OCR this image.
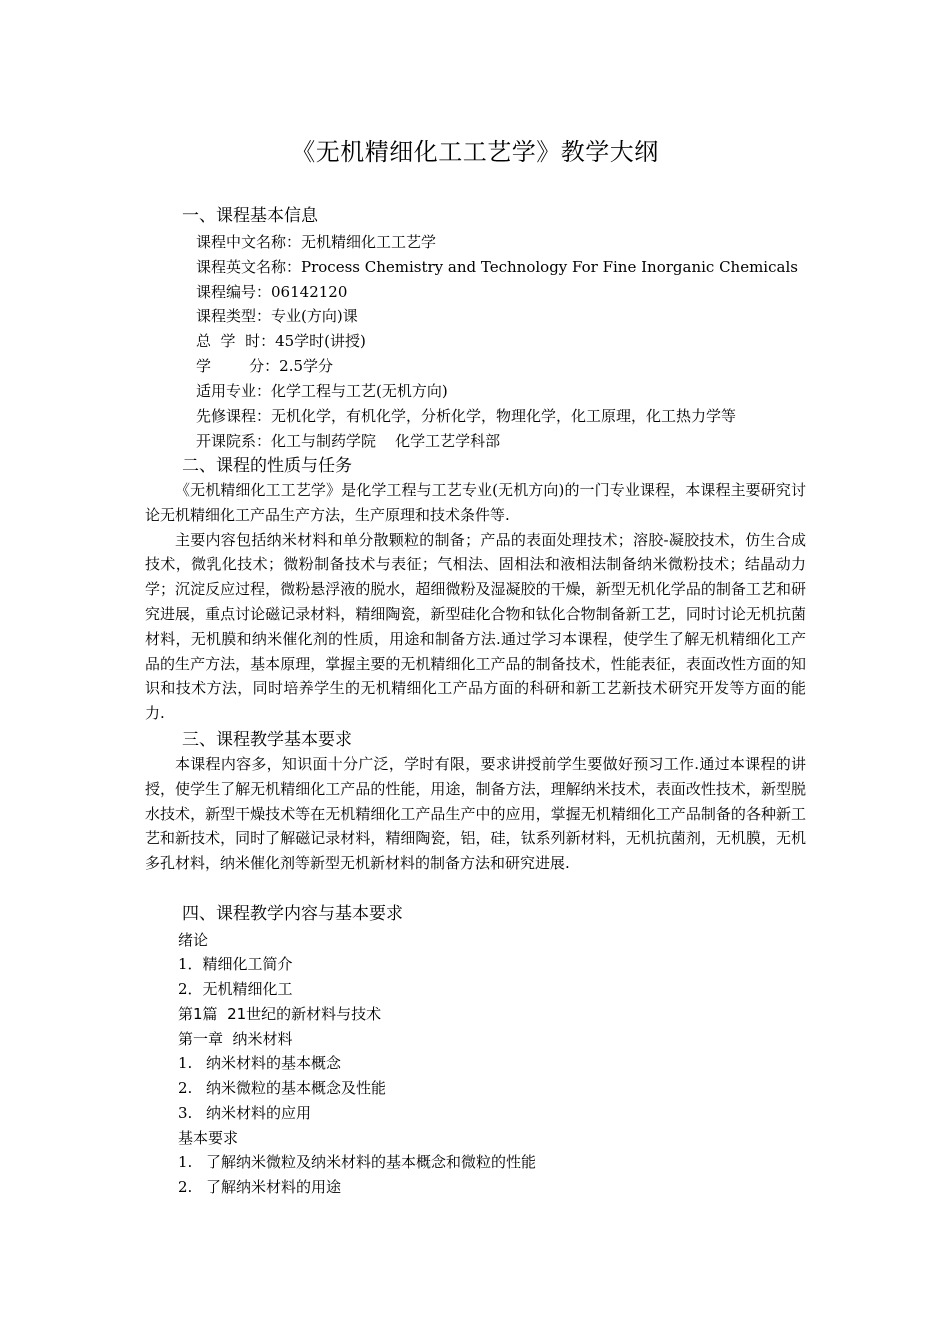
《无机精细化工工艺学》教学大纲
一、课程基本信息
课程中文名称：无机精细化工工艺学
课程英文名称：Process Chemistry and Technology For Fine Inorganic Chemicals
课程编号：06142120
课程类型：专业(方向)课
总  学  时：45学时(讲授)
学        分：2.5学分
适用专业：化学工程与工艺(无机方向)
先修课程：无机化学，有机化学，分析化学，物理化学，化工原理，化工热力学等
开课院系：化工与制药学院    化学工艺学科部
二、课程的性质与任务

《无机精细化工工艺学》是化学工程与工艺专业(无机方向)的一门专业课程，本课程主要研究讨论无机精细化工产品生产方法，生产原理和技术条件等.

主要内容包括纳米材料和单分散颗粒的制备；产品的表面处理技术；溶胶-凝胶技术，仿生合成技术，微乳化技术；微粉制备技术与表征；气相法、固相法和液相法制备纳米微粉技术；结晶动力学；沉淀反应过程，微粉悬浮液的脱水，超细微粉及湿凝胶的干燥，新型无机化学品的制备工艺和研究进展，重点讨论磁记录材料，精细陶瓷，新型硅化合物和钛化合物制备新工艺，同时讨论无机抗菌材料，无机膜和纳米催化剂的性质，用途和制备方法.通过学习本课程，使学生了解无机精细化工产品的生产方法，基本原理，掌握主要的无机精细化工产品的制备技术，性能表征，表面改性方面的知识和技术方法，同时培养学生的无机精细化工产品方面的科研和新工艺新技术研究开发等方面的能力.

三、课程教学基本要求

本课程内容多，知识面十分广泛，学时有限，要求讲授前学生要做好预习工作.通过本课程的讲授，使学生了解无机精细化工产品的性能，用途，制备方法，理解纳米技术，表面改性技术，新型脱水技术，新型干燥技术等在无机精细化工产品生产中的应用，掌握无机精细化工产品制备的各种新工艺和新技术，同时了解磁记录材料，精细陶瓷，铝，硅，钛系列新材料，无机抗菌剂，无机膜，无机多孔材料，纳米催化剂等新型无机新材料的制备方法和研究进展.

四、课程教学内容与基本要求
绪论
1．精细化工简介
2．无机精细化工
第1篇  21世纪的新材料与技术
第一章  纳米材料
1. 纳米材料的基本概念
2. 纳米微粒的基本概念及性能
3. 纳米材料的应用
基本要求
1. 了解纳米微粒及纳米材料的基本概念和微粒的性能
2. 了解纳米材料的用途
